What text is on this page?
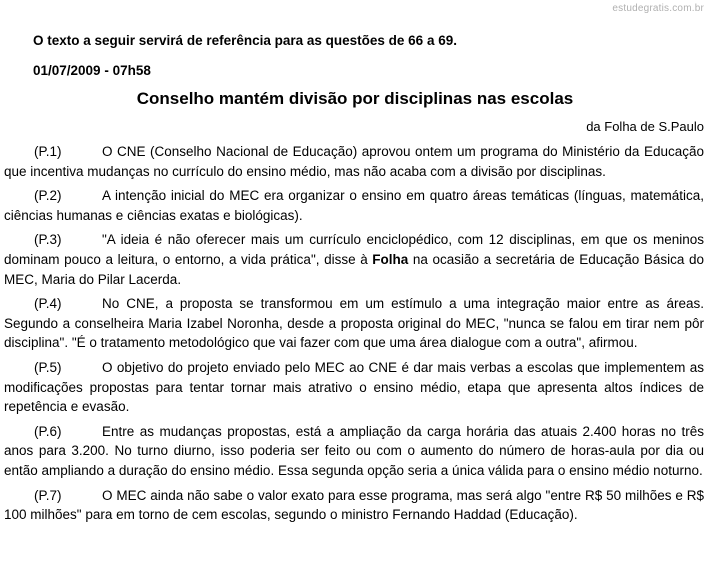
estudegratis.com.br
O texto a seguir servirá de referência para as questões de 66 a 69.
01/07/2009 - 07h58
Conselho mantém divisão por disciplinas nas escolas
da Folha de S.Paulo
(P.1)	O CNE (Conselho Nacional de Educação) aprovou ontem um programa do Ministério da Educação que incentiva mudanças no currículo do ensino médio, mas não acaba com a divisão por disciplinas.
(P.2)	A intenção inicial do MEC era organizar o ensino em quatro áreas temáticas (línguas, matemática, ciências humanas e ciências exatas e biológicas).
(P.3)	"A ideia é não oferecer mais um currículo enciclopédico, com 12 disciplinas, em que os meninos dominam pouco a leitura, o entorno, a vida prática", disse à Folha na ocasião a secretária de Educação Básica do MEC, Maria do Pilar Lacerda.
(P.4)	No CNE, a proposta se transformou em um estímulo a uma integração maior entre as áreas. Segundo a conselheira Maria Izabel Noronha, desde a proposta original do MEC, "nunca se falou em tirar nem pôr disciplina". "É o tratamento metodológico que vai fazer com que uma área dialogue com a outra", afirmou.
(P.5)	O objetivo do projeto enviado pelo MEC ao CNE é dar mais verbas a escolas que implementem as modificações propostas para tentar tornar mais atrativo o ensino médio, etapa que apresenta altos índices de repetência e evasão.
(P.6)	Entre as mudanças propostas, está a ampliação da carga horária das atuais 2.400 horas no três anos para 3.200. No turno diurno, isso poderia ser feito ou com o aumento do número de horas-aula por dia ou então ampliando a duração do ensino médio. Essa segunda opção seria a única válida para o ensino médio noturno.
(P.7)	O MEC ainda não sabe o valor exato para esse programa, mas será algo "entre R$ 50 milhões e R$ 100 milhões" para em torno de cem escolas, segundo o ministro Fernando Haddad (Educação).
